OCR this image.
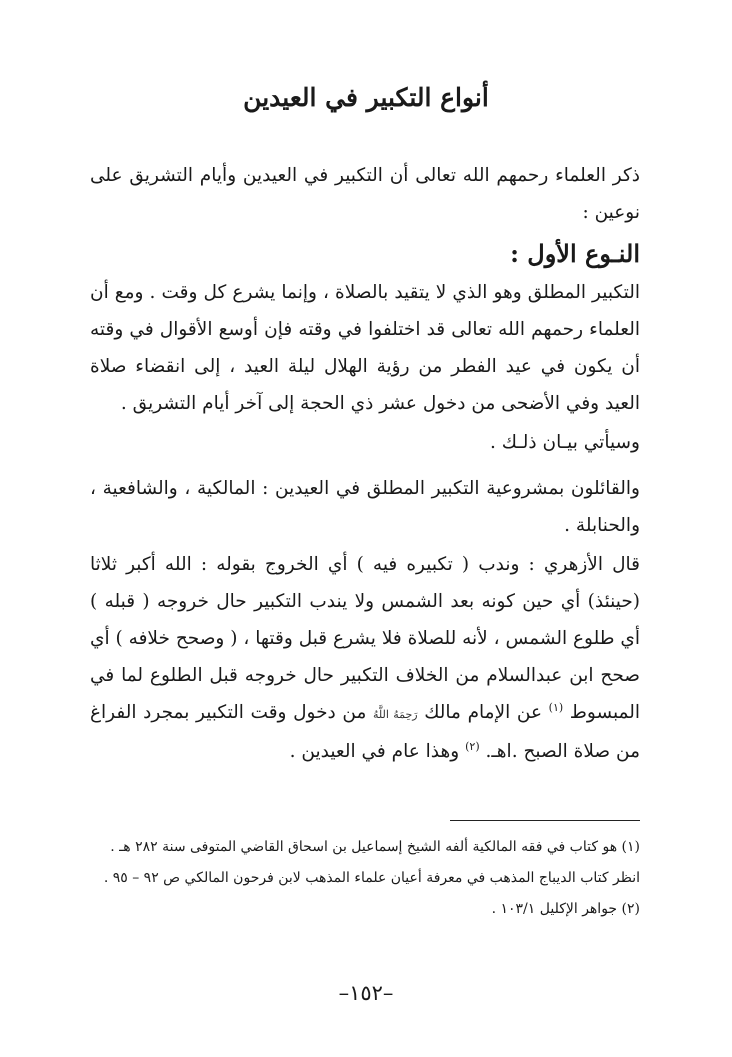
أنواع التكبير في العيدين
ذكر العلماء رحمهم الله تعالى أن التكبير في العيدين وأيام التشريق على نوعين :
النـوع الأول :
التكبير المطلق وهو الذي لا يتقيد بالصلاة ، وإنما يشرع كل وقت . ومع أن العلماء رحمهم الله تعالى قد اختلفوا في وقته فإن أوسع الأقوال في وقته أن يكون في عيد الفطر من رؤية الهلال ليلة العيد ، إلى انقضاء صلاة العيد وفي الأضحى من دخول عشر ذي الحجة إلى آخر أيام التشريق .
وسيأتي بيـان ذلـك .
والقائلون بمشروعية التكبير المطلق في العيدين : المالكية ، والشافعية ، والحنابلة .
قال الأزهري : وندب ( تكبيره فيه ) أي الخروج بقوله : الله أكبر ثلاثا (حينئذ) أي حين كونه بعد الشمس ولا يندب التكبير حال خروجه ( قبله ) أي طلوع الشمس ، لأنه للصلاة فلا يشرع قبل وقتها ، ( وصحح خلافه ) أي صحح ابن عبدالسلام من الخلاف التكبير حال خروجه قبل الطلوع لما في المبسوط $^{(١)}$ عن الإمام مالك رَحِمَهُ اللَّهُ من دخول وقت التكبير بمجرد الفراغ من صلاة الصبح .اهـ. $^{(٢)}$ وهذا عام في العيدين .
(١) هو كتاب في فقه المالكية ألفه الشيخ إسماعيل بن اسحاق القاضي المتوفى سنة ٢٨٢ هـ .
انظر كتاب الديباج المذهب في معرفة أعيان علماء المذهب لابن فرحون المالكي ص ٩٢ – ٩٥ .
(٢) جواهر الإكليل ١٠٣/١ .
–١٥٢–
